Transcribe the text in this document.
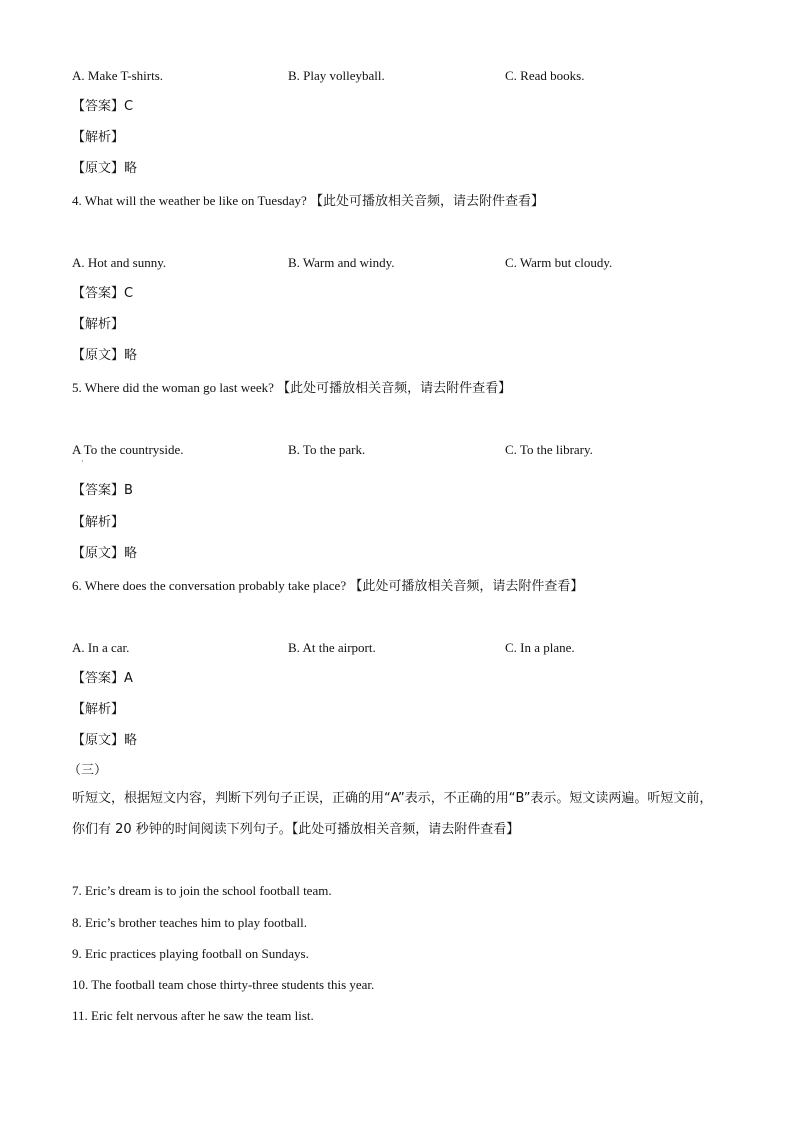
A. Make T-shirts.	B. Play volleyball.	C. Read books.
【答案】C
【解析】
【原文】略
4. What will the weather be like on Tuesday? 【此处可播放相关音频，请去附件查看】
A. Hot and sunny.	B. Warm and windy.	C. Warm but cloudy.
【答案】C
【解析】
【原文】略
5. Where did the woman go last week? 【此处可播放相关音频，请去附件查看】
A To the countryside.	B. To the park.	C. To the library.
·
【答案】B
【解析】
【原文】略
6. Where does the conversation probably take place? 【此处可播放相关音频，请去附件查看】
A. In a car.	B. At the airport.	C. In a plane.
【答案】A
【解析】
【原文】略
（三）
听短文，根据短文内容，判断下列句子正误，正确的用“A”表示，不正确的用“B”表示。短文读两遍。听短文前，你们有 20 秒钟的时间阅读下列句子。【此处可播放相关音频，请去附件查看】
7. Eric’s dream is to join the school football team.
8. Eric’s brother teaches him to play football.
9. Eric practices playing football on Sundays.
10. The football team chose thirty-three students this year.
11. Eric felt nervous after he saw the team list.
